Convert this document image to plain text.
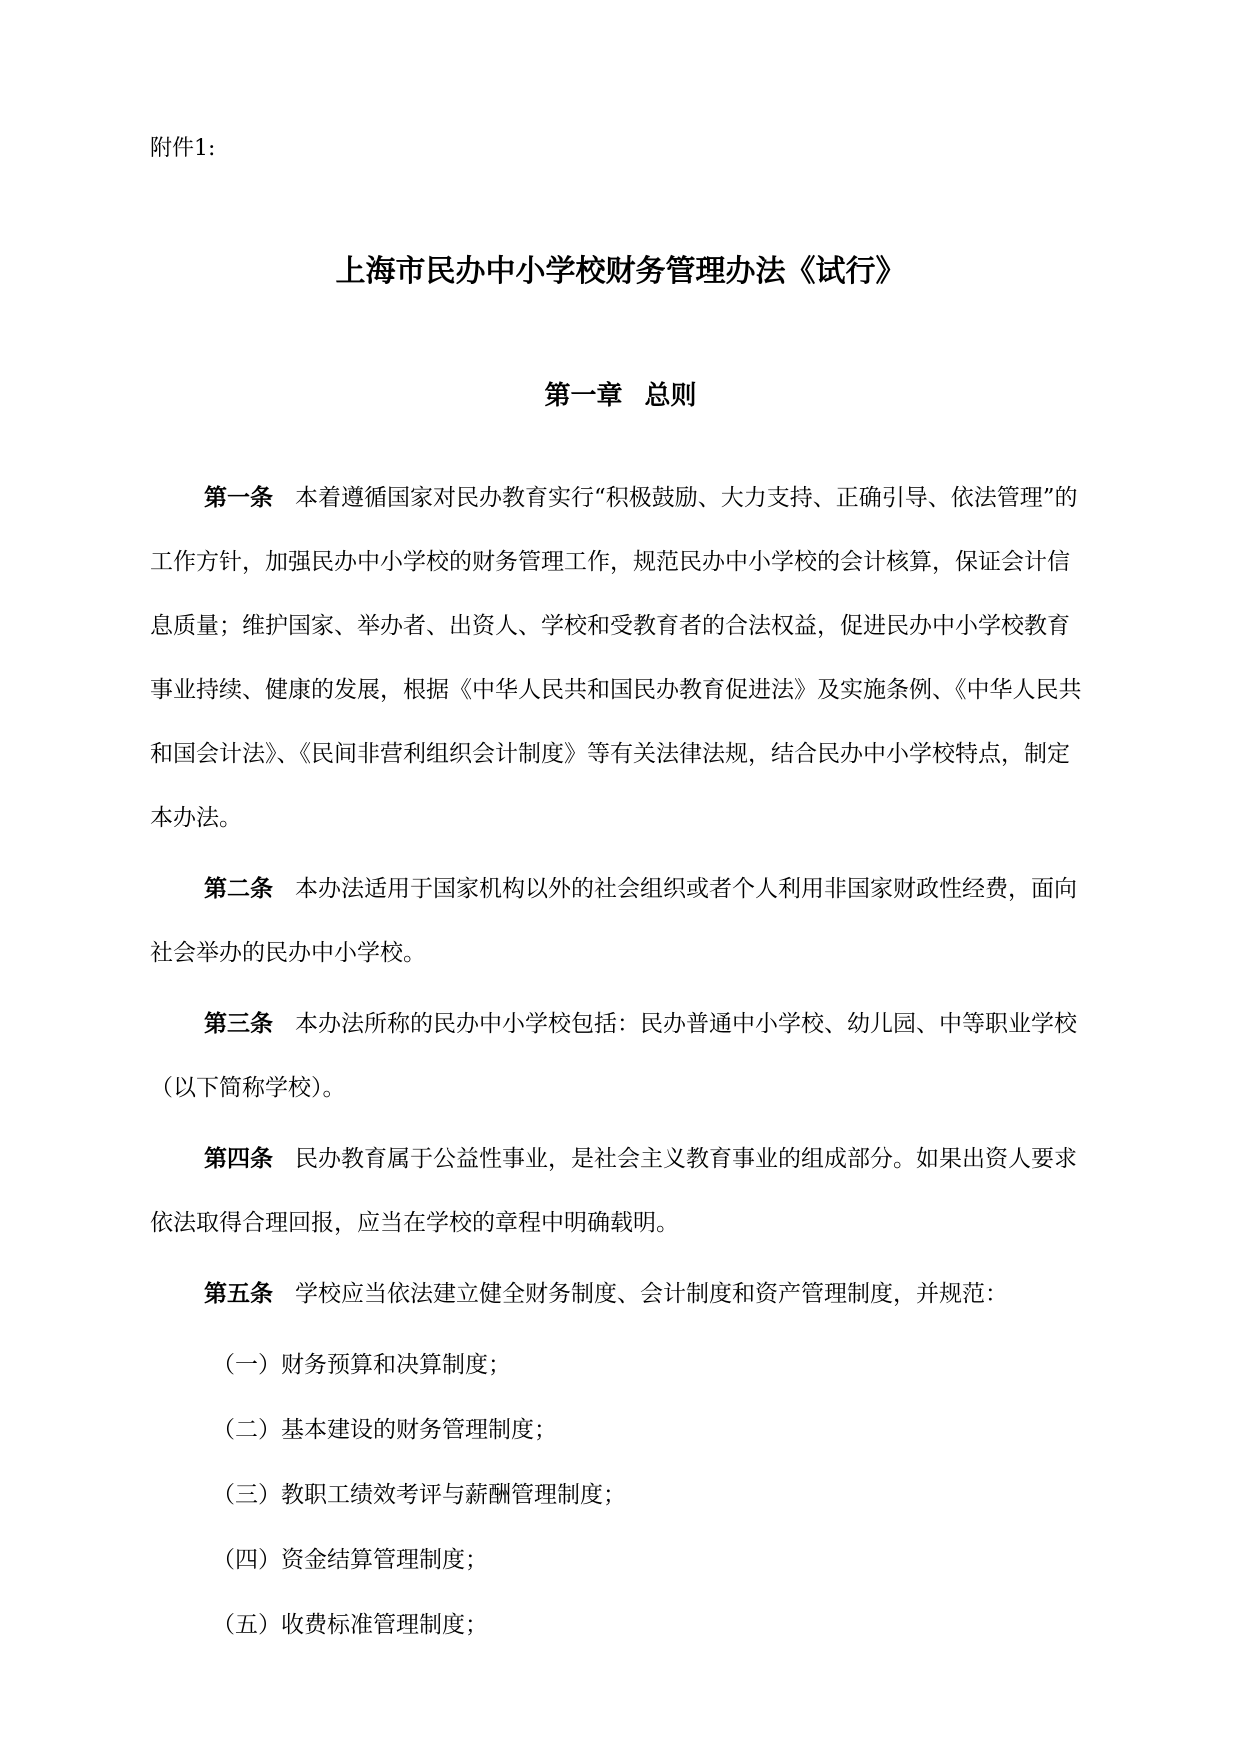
附件1:
上海市民办中小学校财务管理办法《试行》
第一章 总则

第一条 本着遵循国家对民办教育实行“积极鼓励、大力支持、正确引导、依法管理”的工作方针，加强民办中小学校的财务管理工作，规范民办中小学校的会计核算，保证会计信息质量；维护国家、举办者、出资人、学校和受教育者的合法权益，促进民办中小学校教育事业持续、健康的发展，根据《中华人民共和国民办教育促进法》及实施条例、《中华人民共和国会计法》、《民间非营利组织会计制度》等有关法律法规，结合民办中小学校特点，制定本办法。

第二条 本办法适用于国家机构以外的社会组织或者个人利用非国家财政性经费，面向社会举办的民办中小学校。

第三条 本办法所称的民办中小学校包括：民办普通中小学校、幼儿园、中等职业学校（以下简称学校）。

第四条 民办教育属于公益性事业，是社会主义教育事业的组成部分。如果出资人要求依法取得合理回报，应当在学校的章程中明确载明。

第五条 学校应当依法建立健全财务制度、会计制度和资产管理制度，并规范：

（一）财务预算和决算制度；

（二）基本建设的财务管理制度；

（三）教职工绩效考评与薪酬管理制度；

（四）资金结算管理制度；

（五）收费标准管理制度；
